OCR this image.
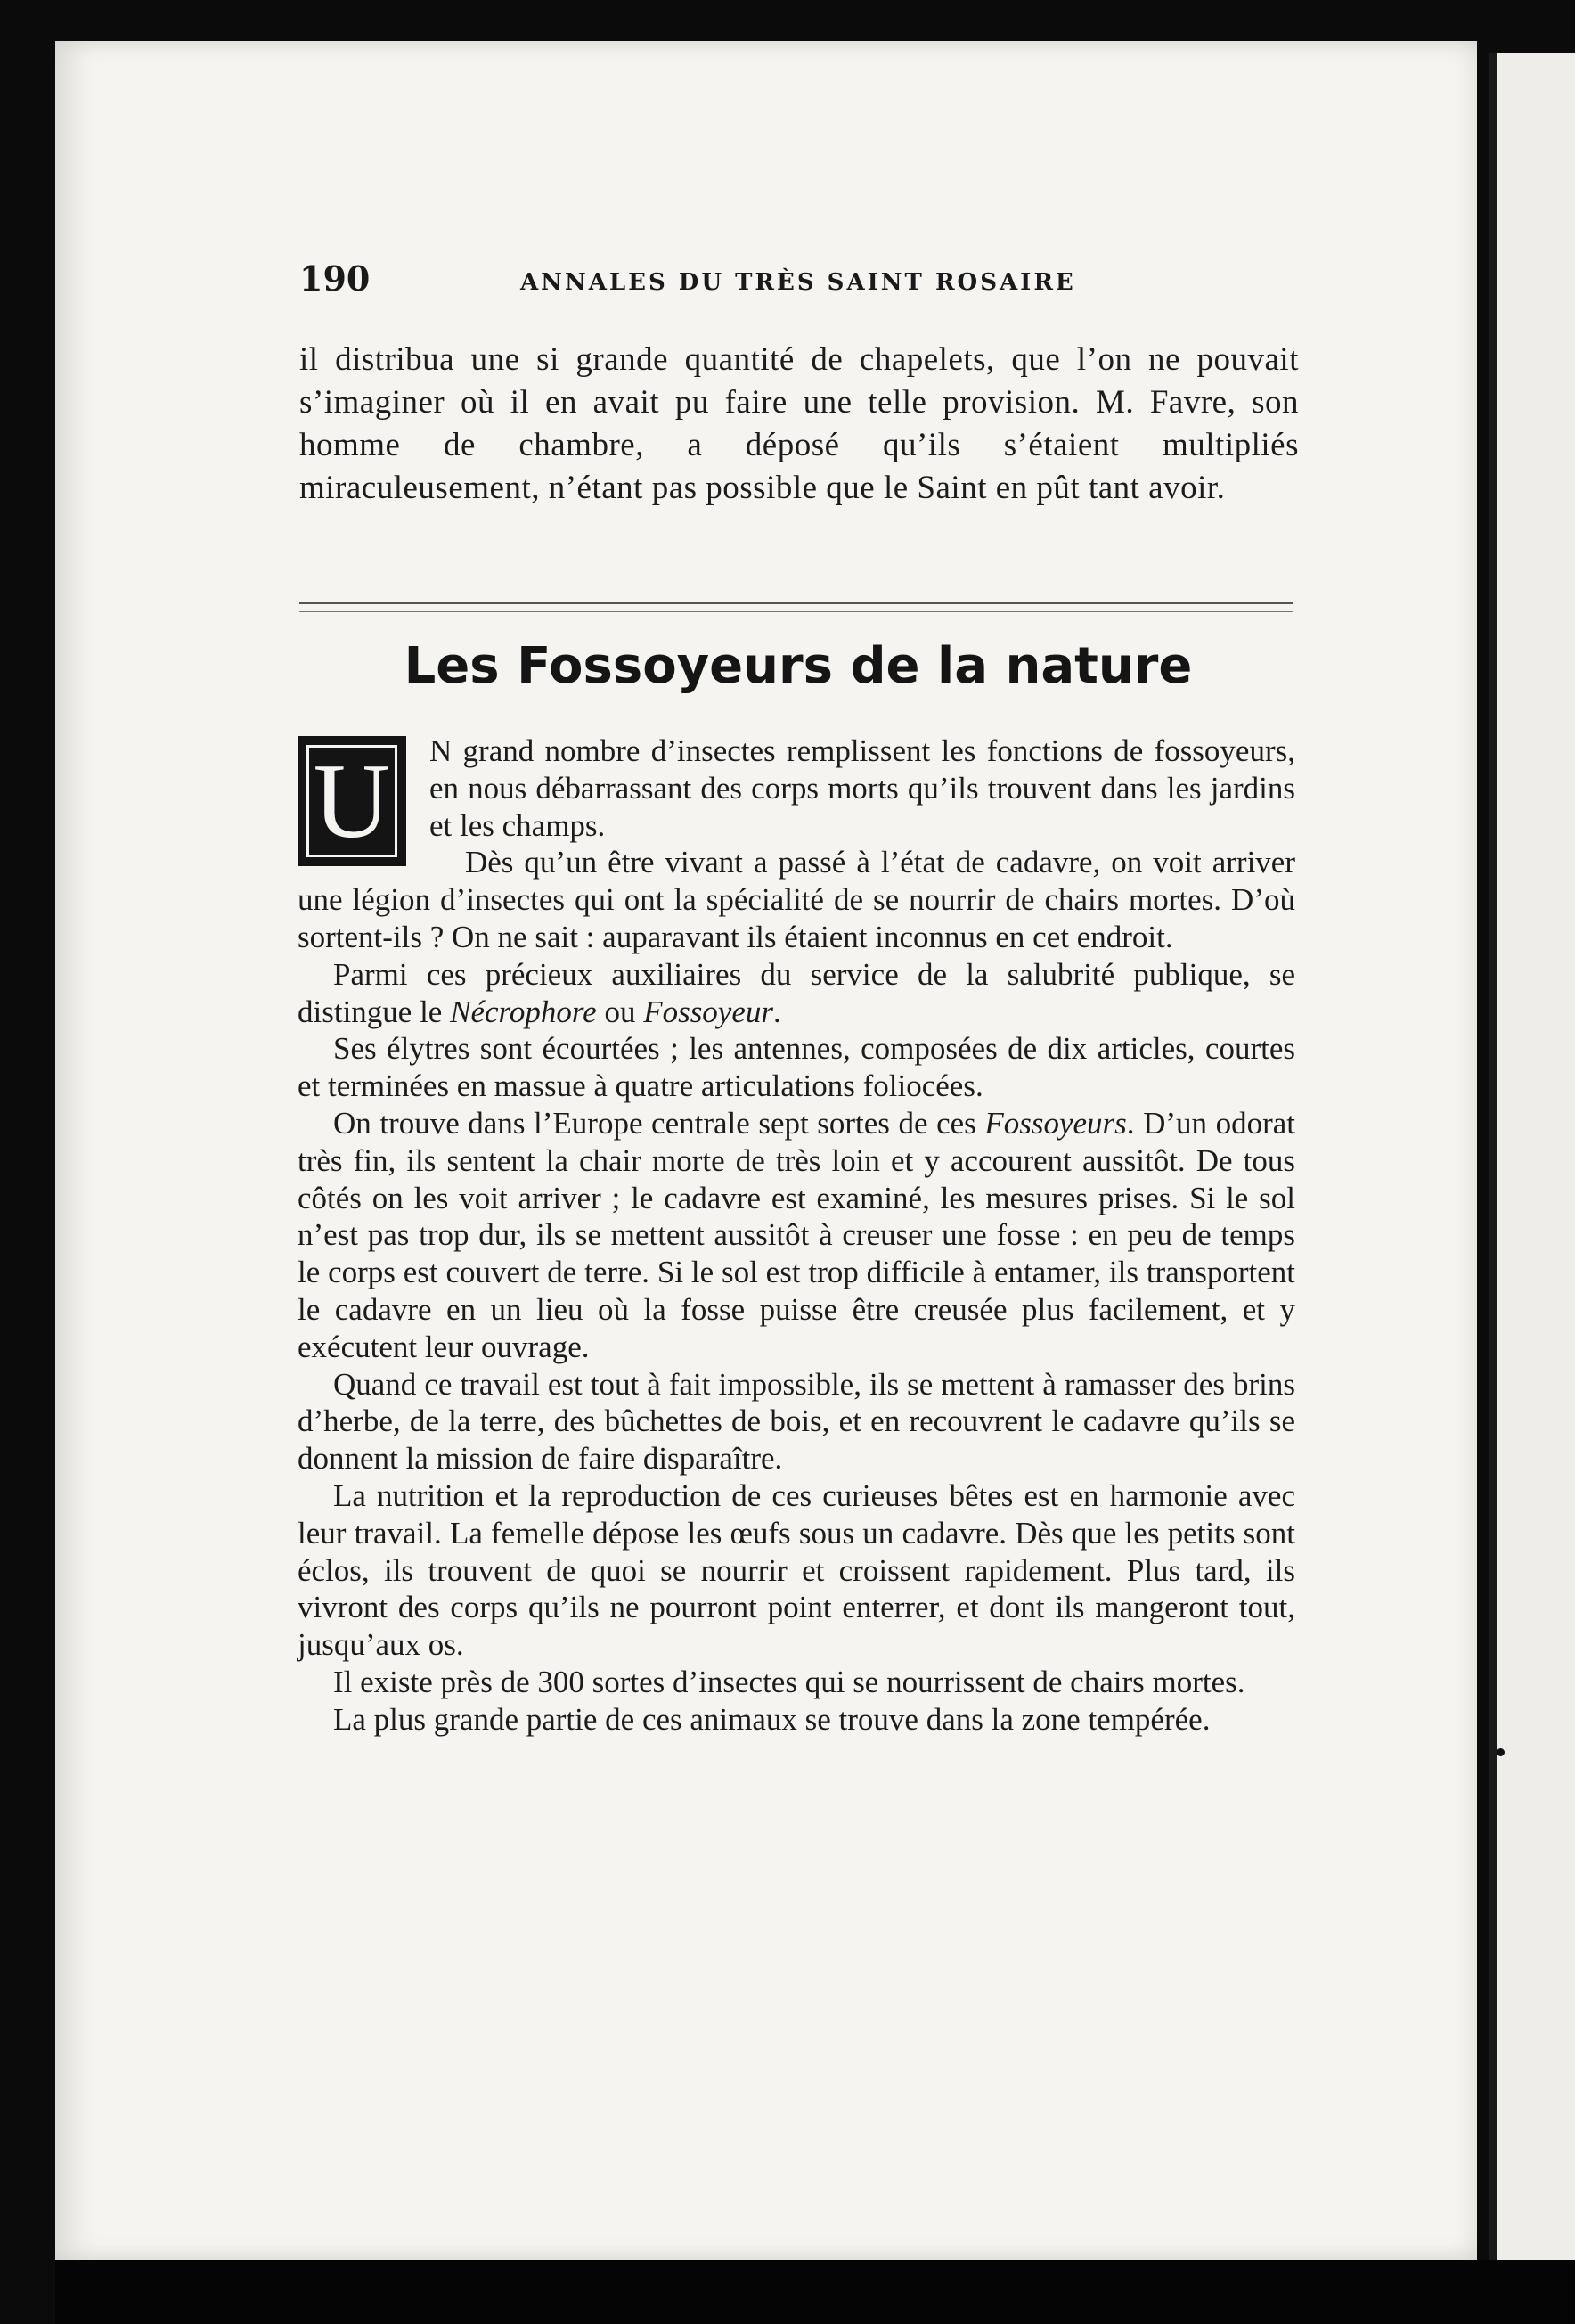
190	ANNALES DU TRÈS SAINT ROSAIRE
il distribua une si grande quantité de chapelets, que l’on ne pouvait s’imaginer où il en avait pu faire une telle provision. M. Favre, son homme de chambre, a déposé qu’ils s’étaient multipliés miraculeusement, n’étant pas possible que le Saint en pût tant avoir.
Les Fossoyeurs de la nature

U N grand nombre d’insectes remplissent les fonctions de fossoyeurs, en nous débarrassant des corps morts qu’ils trouvent dans les jardins et les champs.

Dès qu’un être vivant a passé à l’état de cadavre, on voit arriver une légion d’insectes qui ont la spécialité de se nourrir de chairs mortes. D’où sortent-ils ? On ne sait : auparavant ils étaient inconnus en cet endroit.

Parmi ces précieux auxiliaires du service de la salubrité publique, se distingue le Nécrophore ou Fossoyeur.

Ses élytres sont écourtées ; les antennes, composées de dix articles, courtes et terminées en massue à quatre articulations foliocées.

On trouve dans l’Europe centrale sept sortes de ces Fossoyeurs. D’un odorat très fin, ils sentent la chair morte de très loin et y accourent aussitôt. De tous côtés on les voit arriver ; le cadavre est examiné, les mesures prises. Si le sol n’est pas trop dur, ils se mettent aussitôt à creuser une fosse : en peu de temps le corps est couvert de terre. Si le sol est trop difficile à entamer, ils transportent le cadavre en un lieu où la fosse puisse être creusée plus facilement, et y exécutent leur ouvrage.

Quand ce travail est tout à fait impossible, ils se mettent à ramasser des brins d’herbe, de la terre, des bûchettes de bois, et en recouvrent le cadavre qu’ils se donnent la mission de faire disparaître.

La nutrition et la reproduction de ces curieuses bêtes est en harmonie avec leur travail. La femelle dépose les œufs sous un cadavre. Dès que les petits sont éclos, ils trouvent de quoi se nourrir et croissent rapidement. Plus tard, ils vivront des corps qu’ils ne pourront point enterrer, et dont ils mangeront tout, jusqu’aux os.

Il existe près de 300 sortes d’insectes qui se nourrissent de chairs mortes.

La plus grande partie de ces animaux se trouve dans la zone tempérée.
